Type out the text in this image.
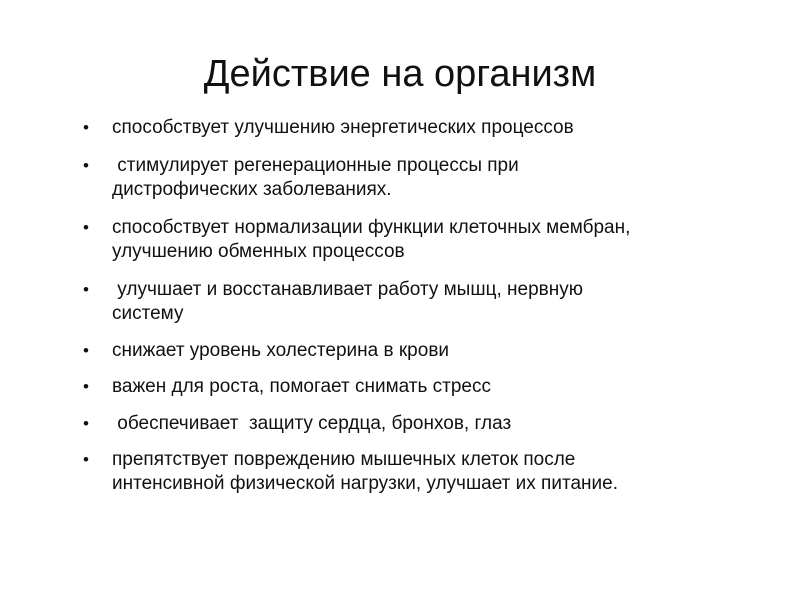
Действие на организм
• способствует улучшению энергетических процессов
•  стимулирует регенерационные процессы при
дистрофических заболеваниях.
• способствует нормализации функции клеточных мембран,
улучшению обменных процессов
•  улучшает и восстанавливает работу мышц, нервную
систему
• снижает уровень холестерина в крови
• важен для роста, помогает снимать стресс
•  обеспечивает  защиту сердца, бронхов, глаз
• препятствует повреждению мышечных клеток после
интенсивной физической нагрузки, улучшает их питание.
